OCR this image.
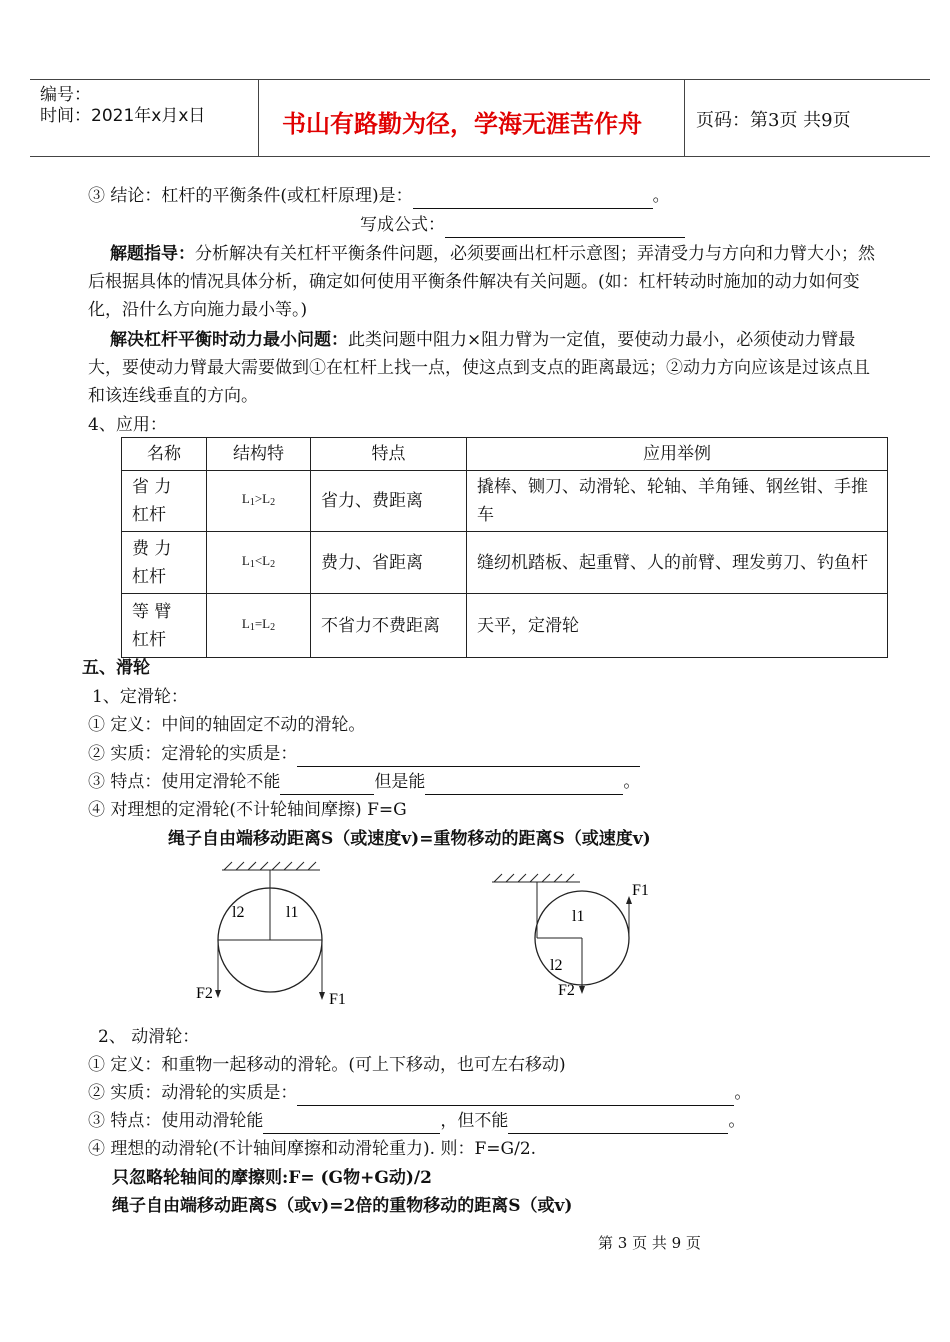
编号：
时间：2021年x月x日	书山有路勤为径，学海无涯苦作舟	页码：第3页 共9页
③ 结论：杠杆的平衡条件(或杠杆原理)是：	。
写成公式：
解题指导：分析解决有关杠杆平衡条件问题，必须要画出杠杆示意图；弄清受力与方向和力臂大小；然后根据具体的情况具体分析，确定如何使用平衡条件解决有关问题。(如：杠杆转动时施加的动力如何变化，沿什么方向施力最小等。)
解决杠杆平衡时动力最小问题：此类问题中阻力×阻力臂为一定值，要使动力最小，必须使动力臂最大，要使动力臂最大需要做到①在杠杆上找一点，使这点到支点的距离最远；②动力方向应该是过该点且和该连线垂直的方向。
4、应用：
名称	结构特	特点	应用举例

省 力
杠杆	$L_1>L_2$	省力、费距离	撬棒、铡刀、动滑轮、轮轴、羊角锤、钢丝钳、手推车

费 力
杠杆	$L_1<L_2$	费力、省距离	缝纫机踏板、起重臂、人的前臂、理发剪刀、钓鱼杆

等 臂
杠杆	$L_1=L_2$	不省力不费距离	天平，定滑轮
五、滑轮
1、定滑轮：
① 定义：中间的轴固定不动的滑轮。
② 实质：定滑轮的实质是：
③ 特点：使用定滑轮不能	但是能	。
④ 对理想的定滑轮(不计轮轴间摩擦) F=G
绳子自由端移动距离S（或速度v)=重物移动的距离S（或速度v)
l2	l1
F2	F1
F1
l1
l2
F2
2、 动滑轮：
① 定义：和重物一起移动的滑轮。(可上下移动，也可左右移动)
② 实质：动滑轮的实质是：	。
③ 特点：使用动滑轮能	，但不能	。
④ 理想的动滑轮(不计轴间摩擦和动滑轮重力). 则：F=G/2.
只忽略轮轴间的摩擦则:F= (G物+G动)/2
绳子自由端移动距离S（或v)=2倍的重物移动的距离S（或v)
第 3 页 共 9 页
